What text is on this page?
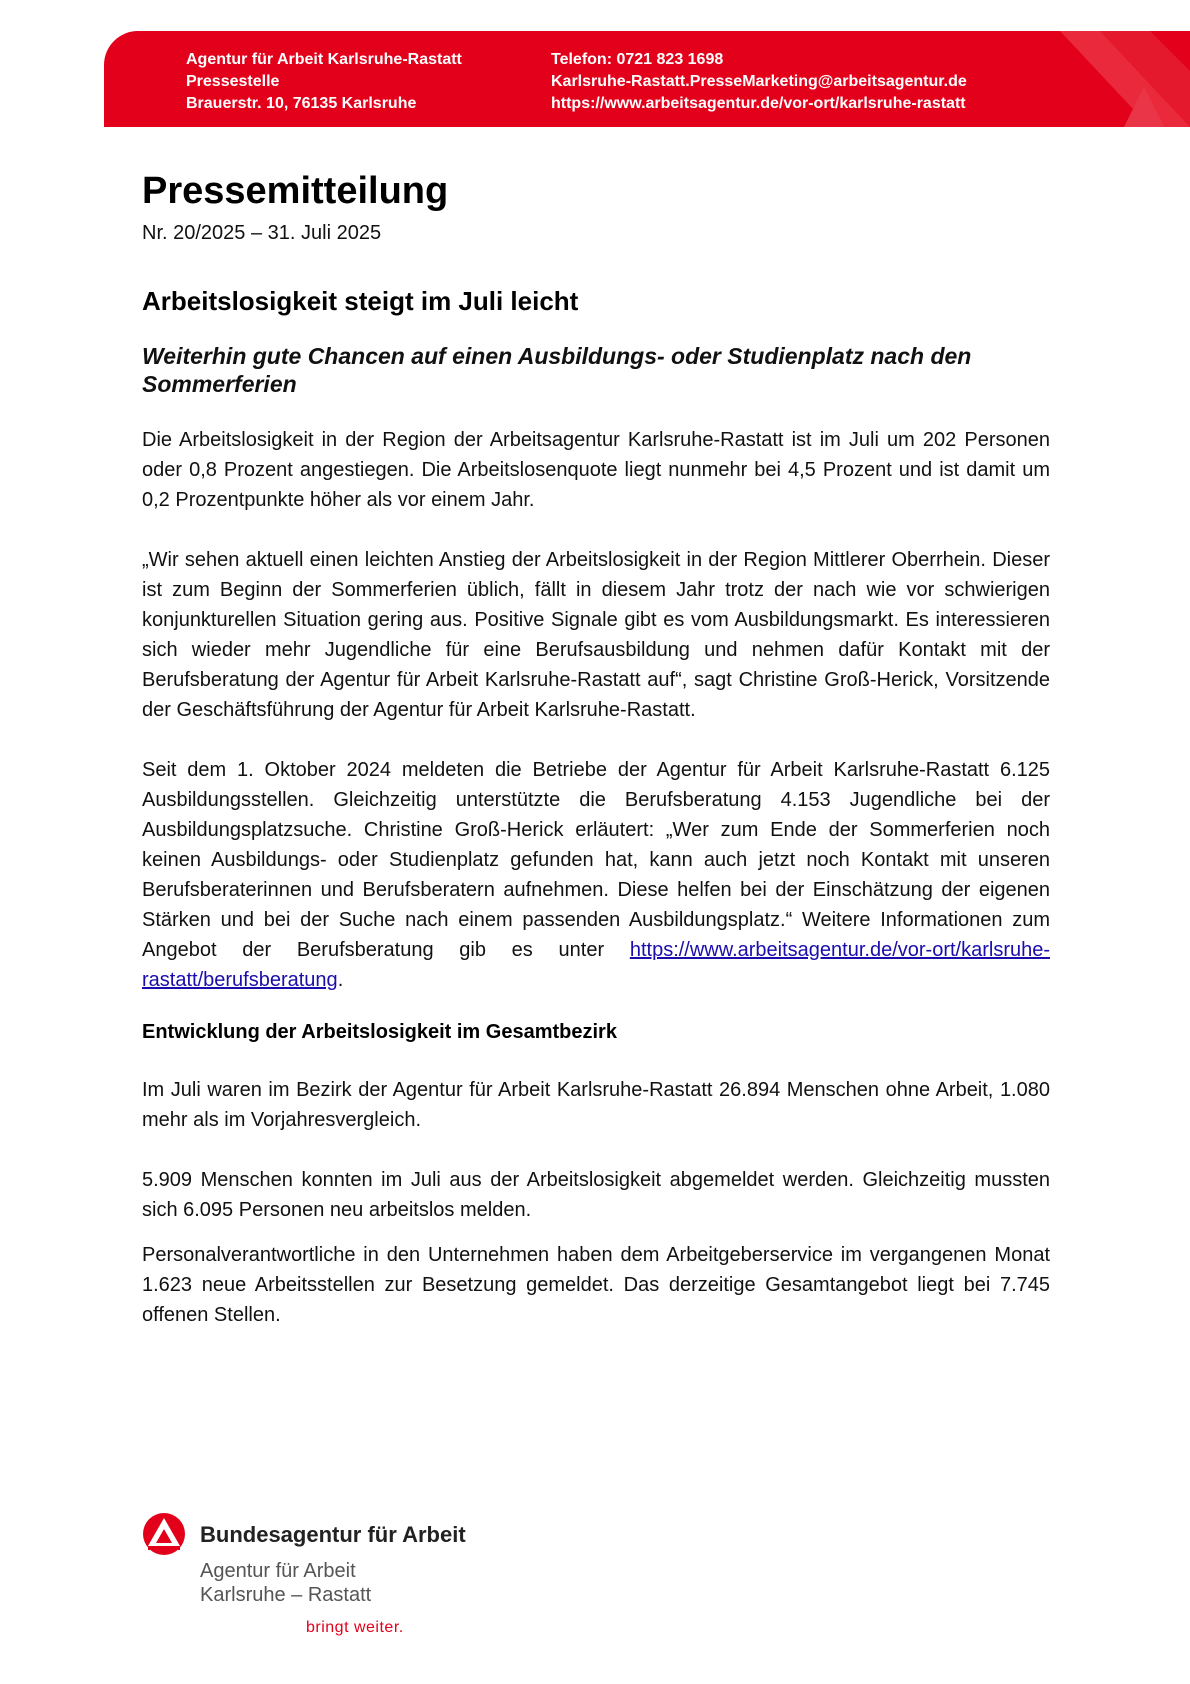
Agentur für Arbeit Karlsruhe-Rastatt
Pressestelle
Brauerstr. 10, 76135 Karlsruhe
Telefon: 0721 823 1698
Karlsruhe-Rastatt.PresseMarketing@arbeitsagentur.de
https://www.arbeitsagentur.de/vor-ort/karlsruhe-rastatt
Pressemitteilung
Nr. 20/2025 – 31. Juli 2025
Arbeitslosigkeit steigt im Juli leicht
Weiterhin gute Chancen auf einen Ausbildungs- oder Studienplatz nach den Sommerferien

Die Arbeitslosigkeit in der Region der Arbeitsagentur Karlsruhe-Rastatt ist im Juli um 202 Personen oder 0,8 Prozent angestiegen. Die Arbeitslosenquote liegt nunmehr bei 4,5 Prozent und ist damit um 0,2 Prozentpunkte höher als vor einem Jahr.

„Wir sehen aktuell einen leichten Anstieg der Arbeitslosigkeit in der Region Mittlerer Oberrhein. Dieser ist zum Beginn der Sommerferien üblich, fällt in diesem Jahr trotz der nach wie vor schwierigen konjunkturellen Situation gering aus. Positive Signale gibt es vom Ausbildungsmarkt. Es interessieren sich wieder mehr Jugendliche für eine Berufsausbildung und nehmen dafür Kontakt mit der Berufsberatung der Agentur für Arbeit Karlsruhe-Rastatt auf“, sagt Christine Groß-Herick, Vorsitzende der Geschäftsführung der Agentur für Arbeit Karlsruhe-Rastatt.

Seit dem 1. Oktober 2024 meldeten die Betriebe der Agentur für Arbeit Karlsruhe-Rastatt 6.125 Ausbildungsstellen. Gleichzeitig unterstützte die Berufsberatung 4.153 Jugendliche bei der Ausbildungsplatzsuche. Christine Groß-Herick erläutert: „Wer zum Ende der Sommerferien noch keinen Ausbildungs- oder Studienplatz gefunden hat, kann auch jetzt noch Kontakt mit unseren Berufsberaterinnen und Berufsberatern aufnehmen. Diese helfen bei der Einschätzung der eigenen Stärken und bei der Suche nach einem passenden Ausbildungsplatz.“ Weitere Informationen zum Angebot der Berufsberatung gib es unter https://www.arbeitsagentur.de/vor-ort/karlsruhe-rastatt/berufsberatung.

Entwicklung der Arbeitslosigkeit im Gesamtbezirk

Im Juli waren im Bezirk der Agentur für Arbeit Karlsruhe-Rastatt 26.894 Menschen ohne Arbeit, 1.080 mehr als im Vorjahresvergleich.

5.909 Menschen konnten im Juli aus der Arbeitslosigkeit abgemeldet werden. Gleichzeitig mussten sich 6.095 Personen neu arbeitslos melden.

Personalverantwortliche in den Unternehmen haben dem Arbeitgeberservice im vergangenen Monat 1.623 neue Arbeitsstellen zur Besetzung gemeldet. Das derzeitige Gesamtangebot liegt bei 7.745 offenen Stellen.

Bundesagentur für Arbeit
Agentur für Arbeit
Karlsruhe – Rastatt
bringt weiter.
